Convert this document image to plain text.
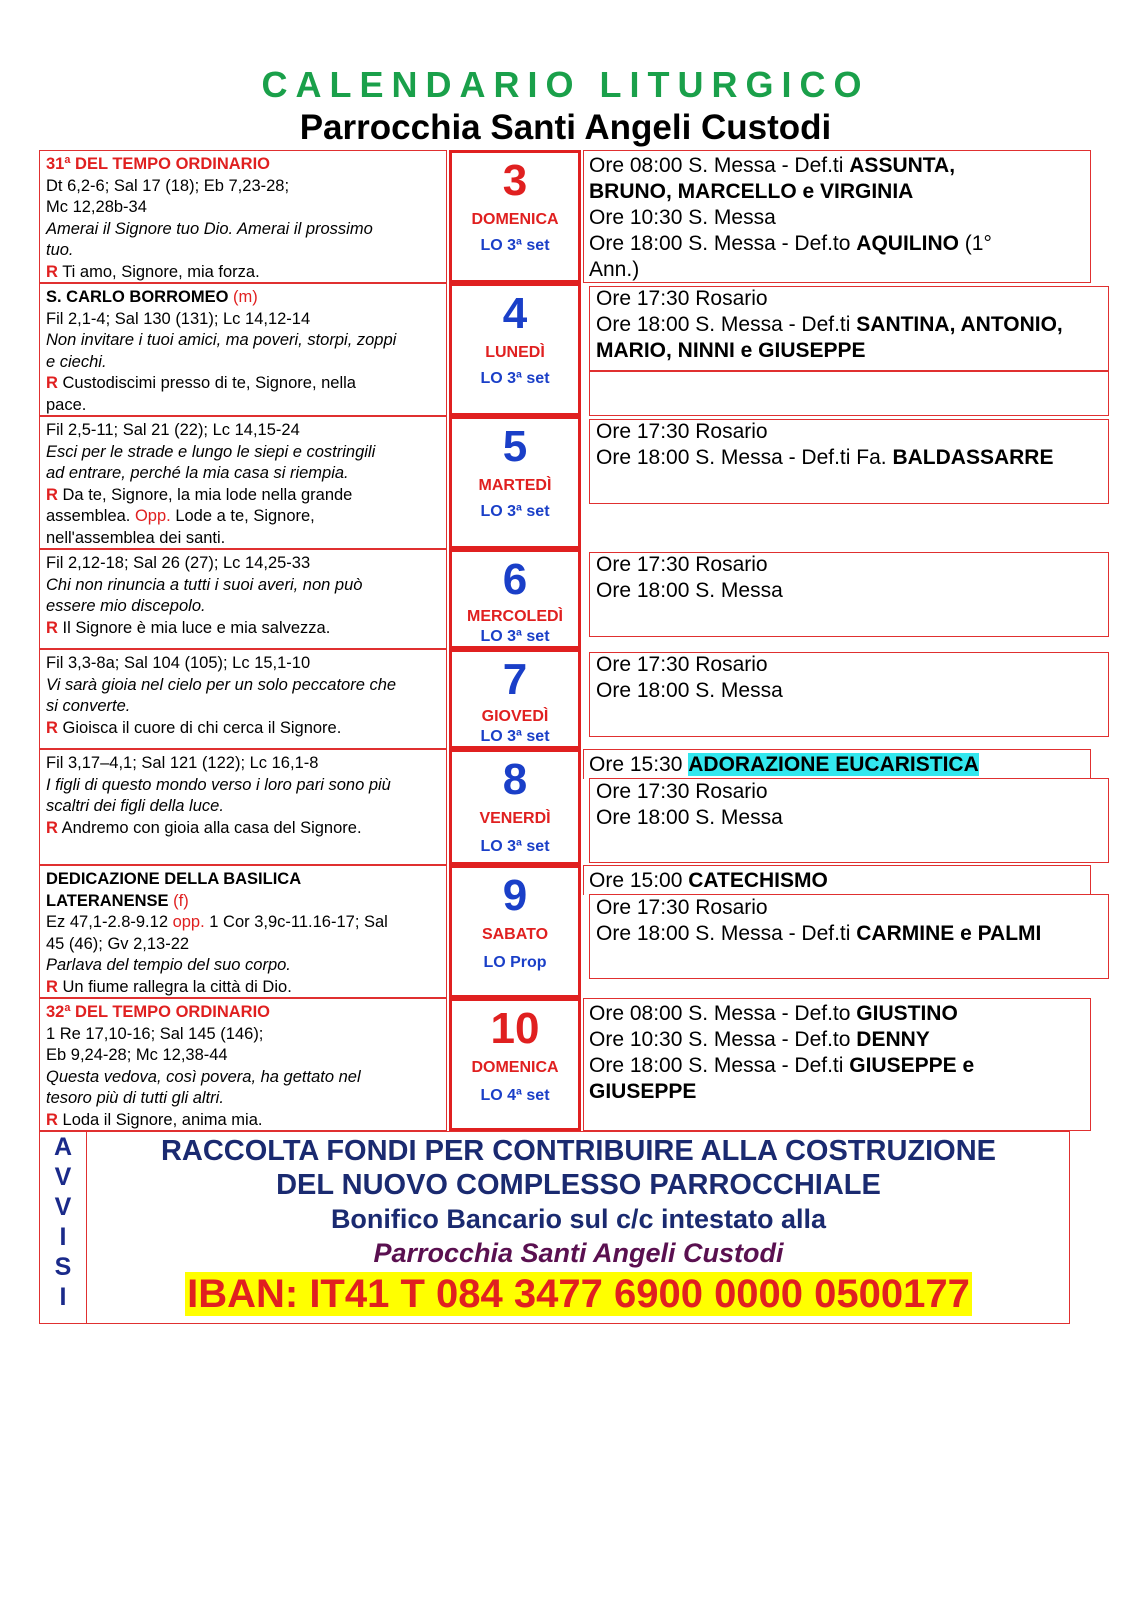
CALENDARIO LITURGICO
Parrocchia Santi Angeli Custodi
31ª DEL TEMPO ORDINARIO
Dt 6,2-6; Sal 17 (18); Eb 7,23-28;
Mc 12,28b-34
Amerai il Signore tuo Dio. Amerai il prossimo
tuo.
R Ti amo, Signore, mia forza.
3
DOMENICA
LO 3ª set
Ore 08:00 S. Messa - Def.ti ASSUNTA,
BRUNO, MARCELLO e VIRGINIA
Ore 10:30 S. Messa
Ore 18:00 S. Messa - Def.to AQUILINO (1°
Ann.)
S. CARLO BORROMEO (m)
Fil 2,1-4; Sal 130 (131); Lc 14,12-14
Non invitare i tuoi amici, ma poveri, storpi, zoppi
e ciechi.
R Custodiscimi presso di te, Signore, nella
pace.
4
LUNEDÌ
LO 3ª set
Ore 17:30 Rosario
Ore 18:00 S. Messa - Def.ti SANTINA, ANTONIO,
MARIO, NINNI e GIUSEPPE
Fil 2,5-11; Sal 21 (22); Lc 14,15-24
Esci per le strade e lungo le siepi e costringili
ad entrare, perché la mia casa si riempia.
R Da te, Signore, la mia lode nella grande
assemblea. Opp. Lode a te, Signore,
nell'assemblea dei santi.
5
MARTEDÌ
LO 3ª set
Ore 17:30 Rosario
Ore 18:00 S. Messa - Def.ti Fa. BALDASSARRE
Fil 2,12-18; Sal 26 (27); Lc 14,25-33
Chi non rinuncia a tutti i suoi averi, non può
essere mio discepolo.
R Il Signore è mia luce e mia salvezza.
6
MERCOLEDÌ
LO 3ª set
Ore 17:30 Rosario
Ore 18:00 S. Messa
Fil 3,3-8a; Sal 104 (105); Lc 15,1-10
Vi sarà gioia nel cielo per un solo peccatore che
si converte.
R Gioisca il cuore di chi cerca il Signore.
7
GIOVEDÌ
LO 3ª set
Ore 17:30 Rosario
Ore 18:00 S. Messa
Fil 3,17–4,1; Sal 121 (122); Lc 16,1-8
I figli di questo mondo verso i loro pari sono più
scaltri dei figli della luce.
R Andremo con gioia alla casa del Signore.
8
VENERDÌ
LO 3ª set
Ore 15:30 ADORAZIONE EUCARISTICA
Ore 17:30 Rosario
Ore 18:00 S. Messa
DEDICAZIONE DELLA BASILICA
LATERANENSE (f)
Ez 47,1-2.8-9.12 opp. 1 Cor 3,9c-11.16-17; Sal
45 (46); Gv 2,13-22
Parlava del tempio del suo corpo.
R Un fiume rallegra la città di Dio.
9
SABATO
LO Prop
Ore 15:00 CATECHISMO
Ore 17:30 Rosario
Ore 18:00 S. Messa - Def.ti CARMINE e PALMI
32ª DEL TEMPO ORDINARIO
1 Re 17,10-16; Sal 145 (146);
Eb 9,24-28; Mc 12,38-44
Questa vedova, così povera, ha gettato nel
tesoro più di tutti gli altri.
R Loda il Signore, anima mia.
10
DOMENICA
LO 4ª set
Ore 08:00 S. Messa - Def.to GIUSTINO
Ore 10:30 S. Messa - Def.to DENNY
Ore 18:00 S. Messa - Def.ti GIUSEPPE e
GIUSEPPE
A
V
V
I
S
I
RACCOLTA FONDI PER CONTRIBUIRE ALLA COSTRUZIONE
DEL NUOVO COMPLESSO PARROCCHIALE
Bonifico Bancario sul c/c intestato alla
Parrocchia Santi Angeli Custodi
IBAN: IT41 T 084 3477 6900 0000 0500177
